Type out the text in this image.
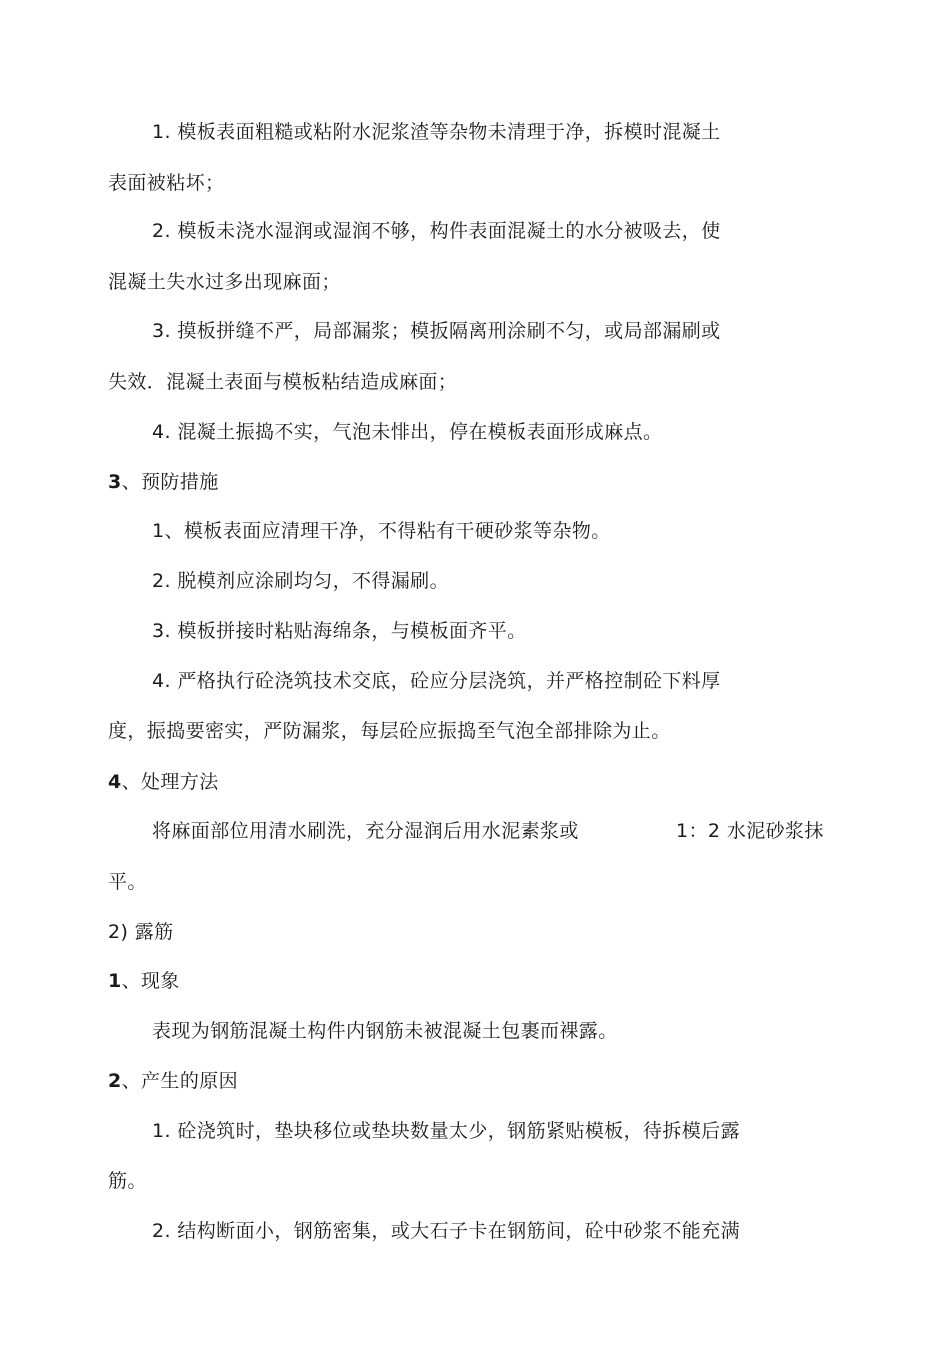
1. 模板表面粗糙或粘附水泥浆渣等杂物未清理于净，拆模时混凝土
表面被粘坏；
2. 模板未浇水湿润或湿润不够，构件表面混凝土的水分被吸去，使
混凝土失水过多出现麻面；
3. 摸板拼缝不严，局部漏浆；模扳隔离刑涂刷不匀，或局部漏刷或
失效．混凝土表面与模板粘结造成麻面；
4. 混凝土振捣不实，气泡未悱出，停在模板表面形成麻点。
3、预防措施
1、模板表面应清理干净，不得粘有干硬砂浆等杂物。
2. 脱模剂应涂刷均匀，不得漏刷。
3. 模板拼接时粘贴海绵条，与模板面齐平。
4. 严格执行砼浇筑技术交底，砼应分层浇筑，并严格控制砼下料厚
度，振捣要密实，严防漏浆，每层砼应振捣至气泡全部排除为止。
4、处理方法
将麻面部位用清水刷洗，充分湿润后用水泥素浆或	1：2 水泥砂浆抹
平。
2) 露筋
1、现象
表现为钢筋混凝土构件内钢筋未被混凝土包裹而裸露。
2、产生的原因
1. 砼浇筑时，垫块移位或垫块数量太少，钢筋紧贴模板，待拆模后露
筋。
2. 结构断面小，钢筋密集，或大石子卡在钢筋间，砼中砂浆不能充满
